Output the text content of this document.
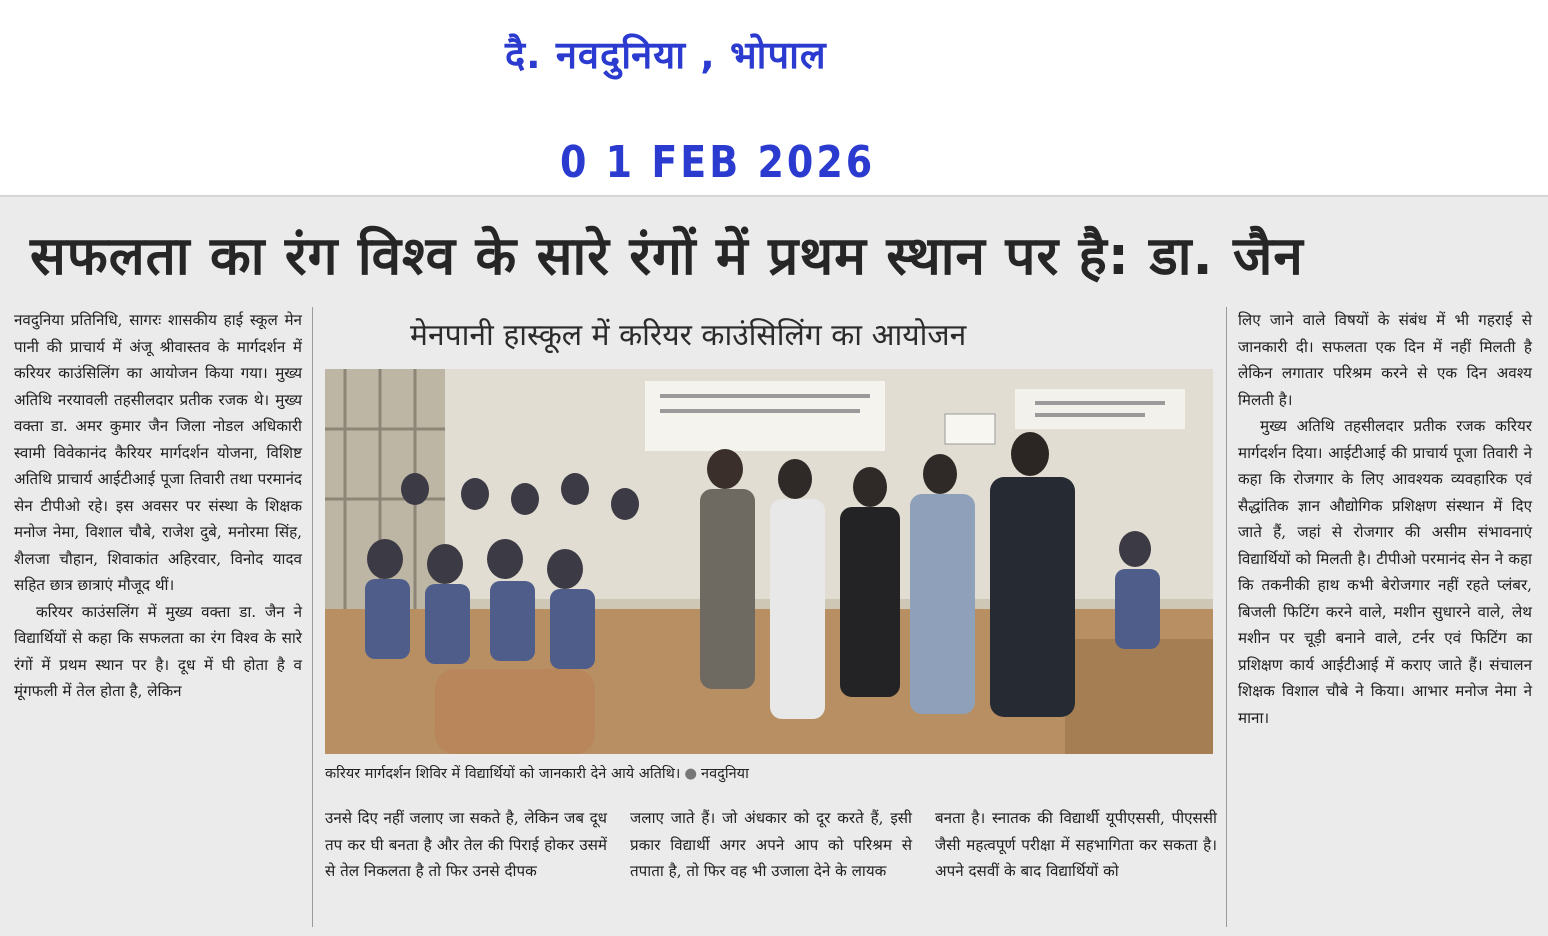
दै. नवदुनिया , भोपाल
0 1 FEB 2026
सफलता का रंग विश्व के सारे रंगों में प्रथम स्थान पर है: डा. जैन
मेनपानी हास्कूल में करियर काउंसिलिंग का आयोजन

नवदुनिया प्रतिनिधि, सागरः शासकीय हाई स्कूल मेन पानी की प्राचार्य में अंजू श्रीवास्तव के मार्गदर्शन में करियर काउंसिलिंग का आयोजन किया गया। मुख्य अतिथि नरयावली तहसीलदार प्रतीक रजक थे। मुख्य वक्ता डा. अमर कुमार जैन जिला नोडल अधिकारी स्वामी विवेकानंद कैरियर मार्गदर्शन योजना, विशिष्ट अतिथि प्राचार्य आईटीआई पूजा तिवारी तथा परमानंद सेन टीपीओ रहे। इस अवसर पर संस्था के शिक्षक मनोज नेमा, विशाल चौबे, राजेश दुबे, मनोरमा सिंह, शैलजा चौहान, शिवाकांत अहिरवार, विनोद यादव सहित छात्र छात्राएं मौजूद थीं।

करियर काउंसलिंग में मुख्य वक्ता डा. जैन ने विद्यार्थियों से कहा कि सफलता का रंग विश्व के सारे रंगों में प्रथम स्थान पर है। दूध में घी होता है व मूंगफली में तेल होता है, लेकिन

करियर मार्गदर्शन शिविर में विद्यार्थियों को जानकारी देने आये अतिथि। ● नवदुनिया

उनसे दिए नहीं जलाए जा सकते है, लेकिन जब दूध तप कर घी बनता है और तेल की पिराई होकर उसमें से तेल निकलता है तो फिर उनसे दीपक

जलाए जाते हैं। जो अंधकार को दूर करते हैं, इसी प्रकार विद्यार्थी अगर अपने आप को परिश्रम से तपाता है, तो फिर वह भी उजाला देने के लायक

बनता है। स्नातक की विद्यार्थी यूपीएससी, पीएससी जैसी महत्वपूर्ण परीक्षा में सहभागिता कर सकता है। अपने दसवीं के बाद विद्यार्थियों को

लिए जाने वाले विषयों के संबंध में भी गहराई से जानकारी दी। सफलता एक दिन में नहीं मिलती है लेकिन लगातार परिश्रम करने से एक दिन अवश्य मिलती है।

मुख्य अतिथि तहसीलदार प्रतीक रजक करियर मार्गदर्शन दिया। आईटीआई की प्राचार्य पूजा तिवारी ने कहा कि रोजगार के लिए आवश्यक व्यवहारिक एवं सैद्धांतिक ज्ञान औद्योगिक प्रशिक्षण संस्थान में दिए जाते हैं, जहां से रोजगार की असीम संभावनाएं विद्यार्थियों को मिलती है। टीपीओ परमानंद सेन ने कहा कि तकनीकी हाथ कभी बेरोजगार नहीं रहते प्लंबर, बिजली फिटिंग करने वाले, मशीन सुधारने वाले, लेथ मशीन पर चूड़ी बनाने वाले, टर्नर एवं फिटिंग का प्रशिक्षण कार्य आईटीआई में कराए जाते हैं। संचालन शिक्षक विशाल चौबे ने किया। आभार मनोज नेमा ने माना।
